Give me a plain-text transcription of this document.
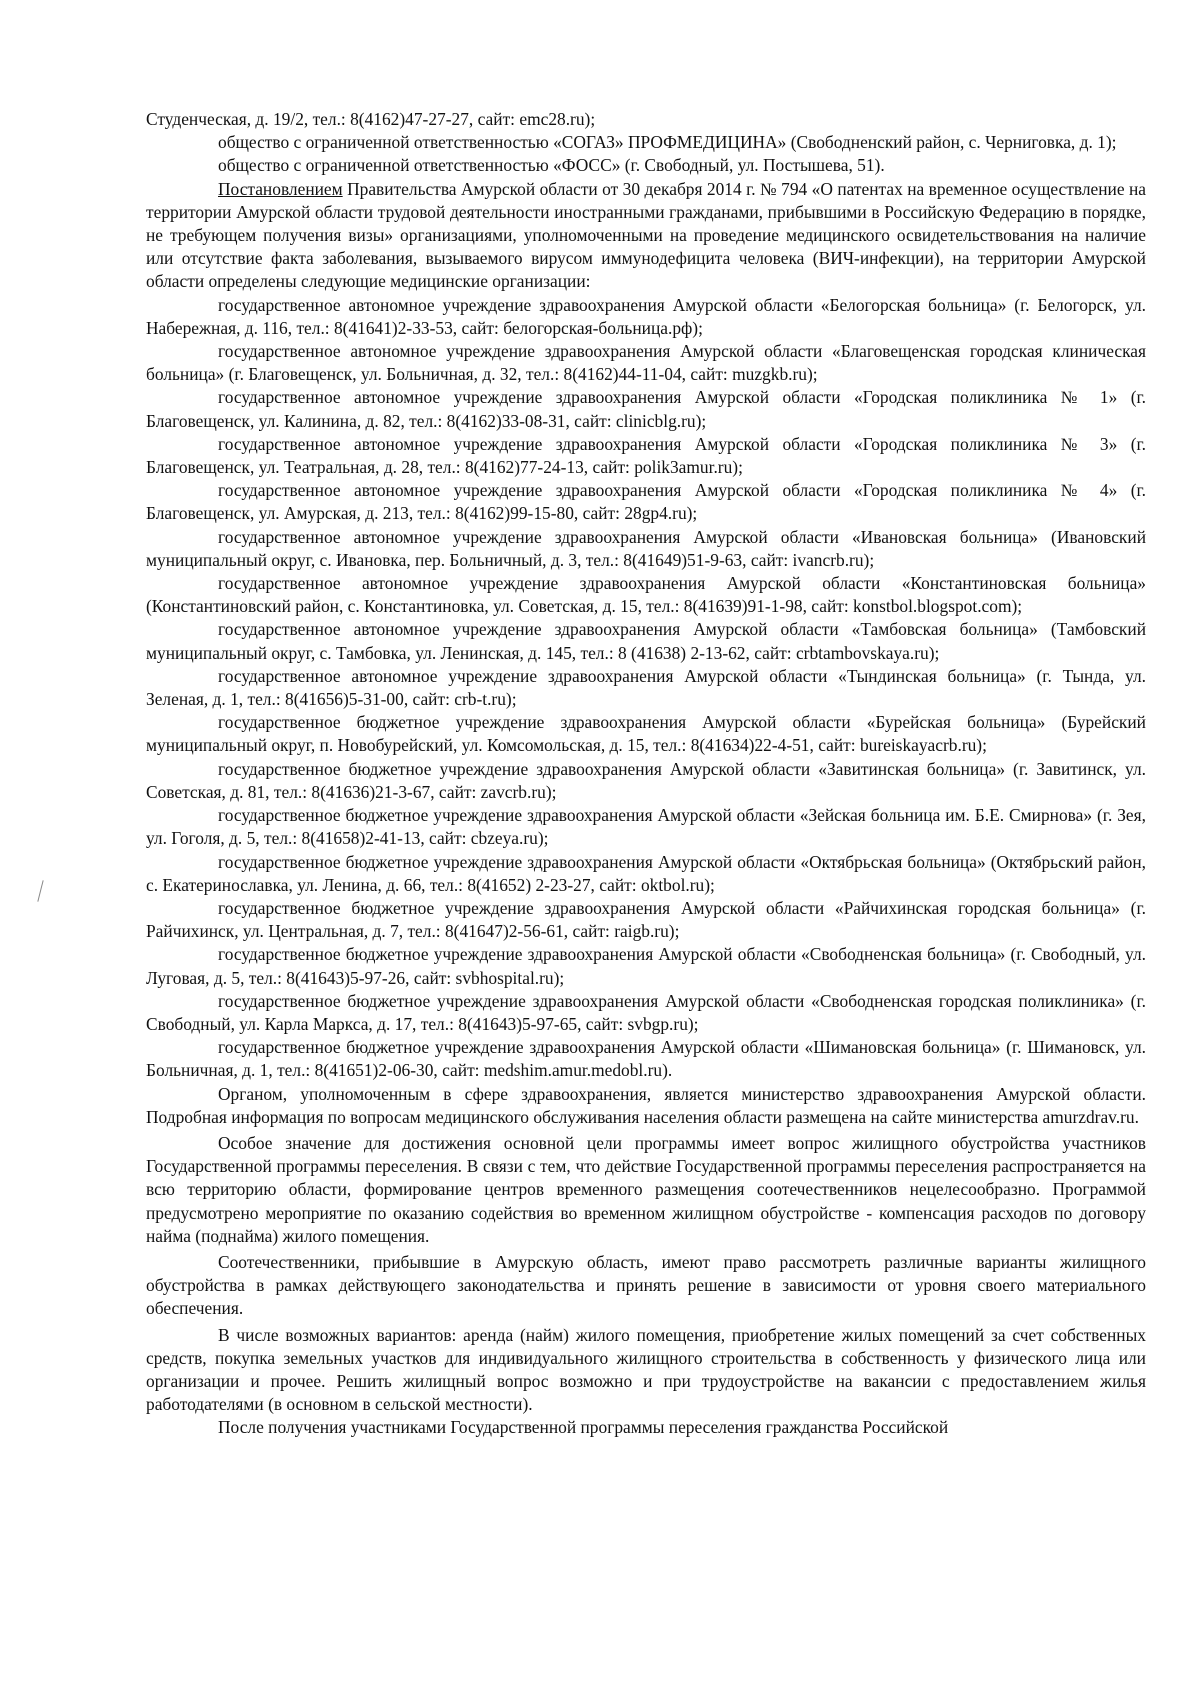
Студенческая, д. 19/2, тел.: 8(4162)47-27-27, сайт: emc28.ru);

общество с ограниченной ответственностью «СОГАЗ» ПРОФМЕДИЦИНА» (Свободненский район, с. Черниговка, д. 1);

общество с ограниченной ответственностью «ФОСС» (г. Свободный, ул. Постышева, 51).

Постановлением Правительства Амурской области от 30 декабря 2014 г. № 794 «О патентах на временное осуществление на территории Амурской области трудовой деятельности иностранными гражданами, прибывшими в Российскую Федерацию в порядке, не требующем получения визы» организациями, уполномоченными на проведение медицинского освидетельствования на наличие или отсутствие факта заболевания, вызываемого вирусом иммунодефицита человека (ВИЧ-инфекции), на территории Амурской области определены следующие медицинские организации:

государственное автономное учреждение здравоохранения Амурской области «Белогорская больница» (г. Белогорск, ул. Набережная, д. 116, тел.: 8(41641)2-33-53, сайт: белогорская-больница.рф);

государственное автономное учреждение здравоохранения Амурской области «Благовещенская городская клиническая больница» (г. Благовещенск, ул. Больничная, д. 32, тел.: 8(4162)44-11-04, сайт: muzgkb.ru);

государственное автономное учреждение здравоохранения Амурской области «Городская поликлиника № 1» (г. Благовещенск, ул. Калинина, д. 82, тел.: 8(4162)33-08-31, сайт: clinicblg.ru);

государственное автономное учреждение здравоохранения Амурской области «Городская поликлиника № 3» (г. Благовещенск, ул. Театральная, д. 28, тел.: 8(4162)77-24-13, сайт: polik3amur.ru);

государственное автономное учреждение здравоохранения Амурской области «Городская поликлиника № 4» (г. Благовещенск, ул. Амурская, д. 213, тел.: 8(4162)99-15-80, сайт: 28gp4.ru);

государственное автономное учреждение здравоохранения Амурской области «Ивановская больница» (Ивановский муниципальный округ, с. Ивановка, пер. Больничный, д. 3, тел.: 8(41649)51-9-63, сайт: ivancrb.ru);

государственное автономное учреждение здравоохранения Амурской области «Константиновская больница» (Константиновский район, с. Константиновка, ул. Советская, д. 15, тел.: 8(41639)91-1-98, сайт: konstbol.blogspot.com);

государственное автономное учреждение здравоохранения Амурской области «Тамбовская больница» (Тамбовский муниципальный округ, с. Тамбовка, ул. Ленинская, д. 145, тел.: 8 (41638) 2-13-62, сайт: crbtambovskaya.ru);

государственное автономное учреждение здравоохранения Амурской области «Тындинская больница» (г. Тында, ул. Зеленая, д. 1, тел.: 8(41656)5-31-00, сайт: crb-t.ru);

государственное бюджетное учреждение здравоохранения Амурской области «Бурейская больница» (Бурейский муниципальный округ, п. Новобурейский, ул. Комсомольская, д. 15, тел.: 8(41634)22-4-51, сайт: bureiskayacrb.ru);

государственное бюджетное учреждение здравоохранения Амурской области «Завитинская больница» (г. Завитинск, ул. Советская, д. 81, тел.: 8(41636)21-3-67, сайт: zavcrb.ru);

государственное бюджетное учреждение здравоохранения Амурской области «Зейская больница им. Б.Е. Смирнова» (г. Зея, ул. Гоголя, д. 5, тел.: 8(41658)2-41-13, сайт: cbzeya.ru);

государственное бюджетное учреждение здравоохранения Амурской области «Октябрьская больница» (Октябрьский район, с. Екатеринославка, ул. Ленина, д. 66, тел.: 8(41652) 2-23-27, сайт: oktbol.ru);

государственное бюджетное учреждение здравоохранения Амурской области «Райчихинская городская больница» (г. Райчихинск, ул. Центральная, д. 7, тел.: 8(41647)2-56-61, сайт: raigb.ru);

государственное бюджетное учреждение здравоохранения Амурской области «Свободненская больница» (г. Свободный, ул. Луговая, д. 5, тел.: 8(41643)5-97-26, сайт: svbhospital.ru);

государственное бюджетное учреждение здравоохранения Амурской области «Свободненская городская поликлиника» (г. Свободный, ул. Карла Маркса, д. 17, тел.: 8(41643)5-97-65, сайт: svbgp.ru);

государственное бюджетное учреждение здравоохранения Амурской области «Шимановская больница» (г. Шимановск, ул. Больничная, д. 1, тел.: 8(41651)2-06-30, сайт: medshim.amur.medobl.ru).

Органом, уполномоченным в сфере здравоохранения, является министерство здравоохранения Амурской области. Подробная информация по вопросам медицинского обслуживания населения области размещена на сайте министерства amurzdrav.ru.

Особое значение для достижения основной цели программы имеет вопрос жилищного обустройства участников Государственной программы переселения. В связи с тем, что действие Государственной программы переселения распространяется на всю территорию области, формирование центров временного размещения соотечественников нецелесообразно. Программой предусмотрено мероприятие по оказанию содействия во временном жилищном обустройстве - компенсация расходов по договору найма (поднайма) жилого помещения.

Соотечественники, прибывшие в Амурскую область, имеют право рассмотреть различные варианты жилищного обустройства в рамках действующего законодательства и принять решение в зависимости от уровня своего материального обеспечения.

В числе возможных вариантов: аренда (найм) жилого помещения, приобретение жилых помещений за счет собственных средств, покупка земельных участков для индивидуального жилищного строительства в собственность у физического лица или организации и прочее. Решить жилищный вопрос возможно и при трудоустройстве на вакансии с предоставлением жилья работодателями (в основном в сельской местности).

После получения участниками Государственной программы переселения гражданства Российской
